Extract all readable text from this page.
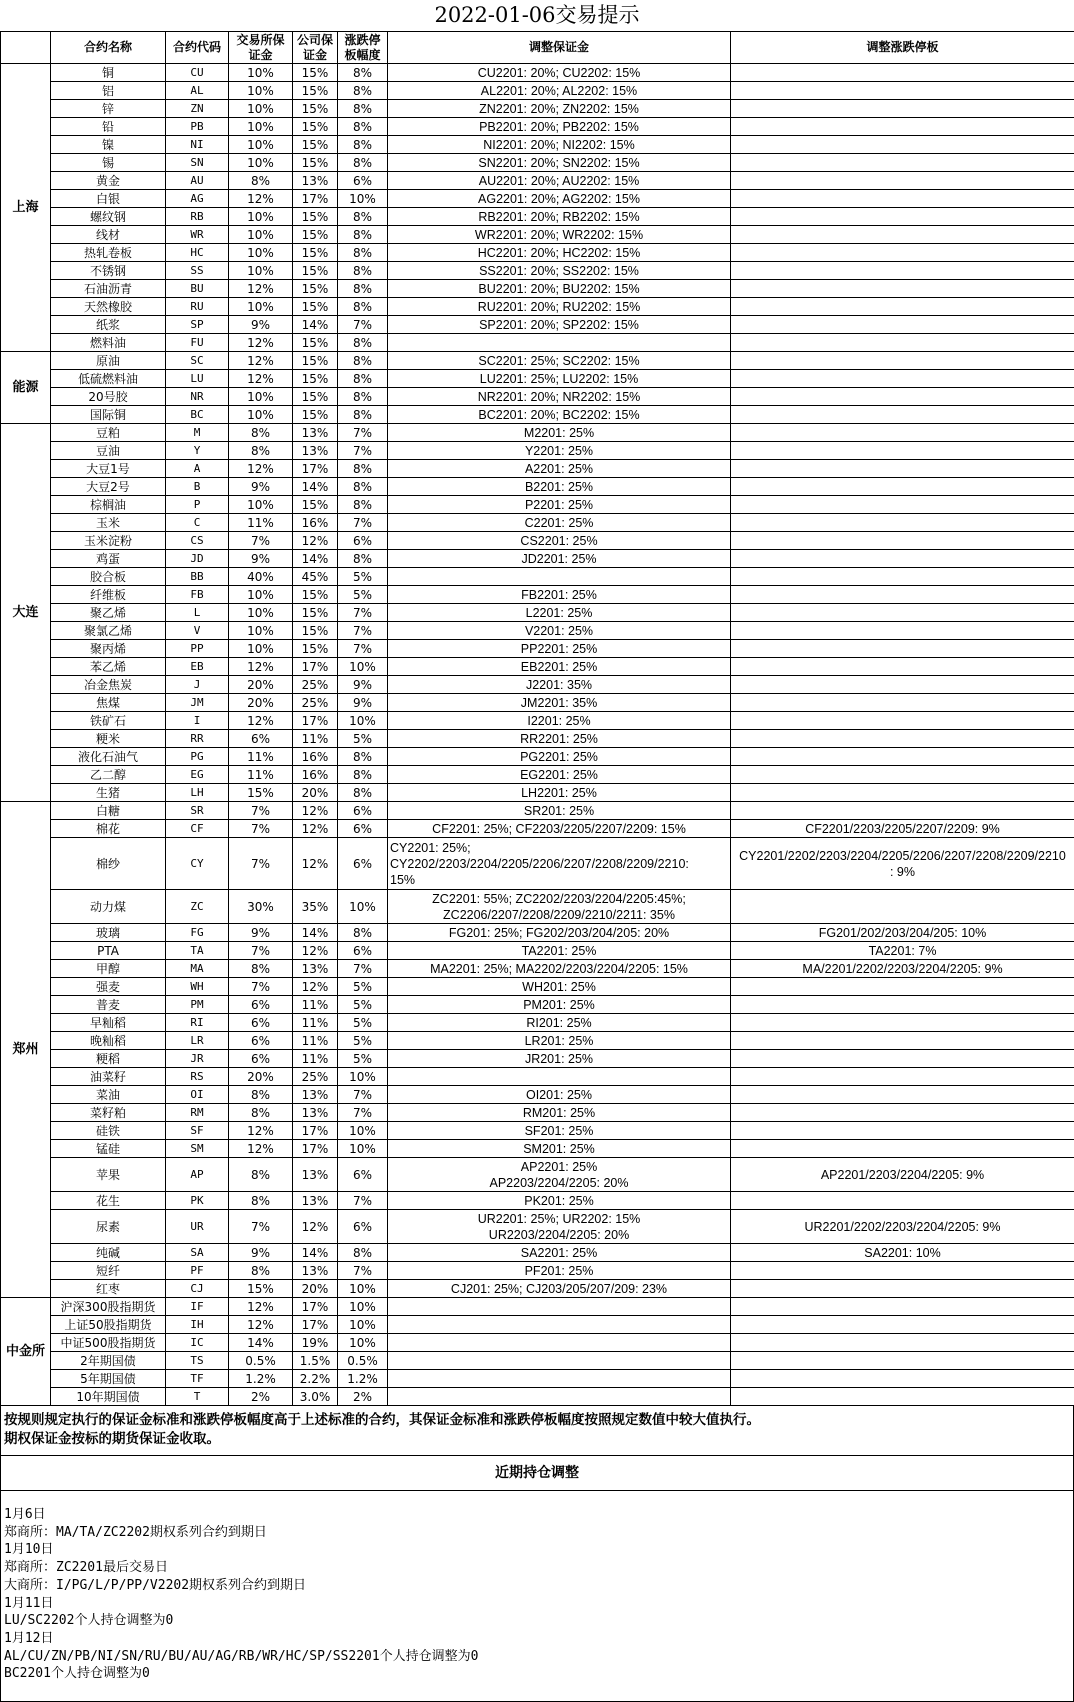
2022-01-06交易提示
	合约名称	合约代码	交易所保证金	公司保证金	涨跌停板幅度	调整保证金	调整涨跌停板
上海	铜	CU	10%	15%	8%	CU2201: 20%; CU2202: 15%	
	铝	AL	10%	15%	8%	AL2201: 20%; AL2202: 15%	
	锌	ZN	10%	15%	8%	ZN2201: 20%; ZN2202: 15%	
	铅	PB	10%	15%	8%	PB2201: 20%; PB2202: 15%	
	镍	NI	10%	15%	8%	NI2201: 20%; NI2202: 15%	
	锡	SN	10%	15%	8%	SN2201: 20%; SN2202: 15%	
	黄金	AU	8%	13%	6%	AU2201: 20%; AU2202: 15%	
	白银	AG	12%	17%	10%	AG2201: 20%; AG2202: 15%	
	螺纹钢	RB	10%	15%	8%	RB2201: 20%; RB2202: 15%	
	线材	WR	10%	15%	8%	WR2201: 20%; WR2202: 15%	
	热轧卷板	HC	10%	15%	8%	HC2201: 20%; HC2202: 15%	
	不锈钢	SS	10%	15%	8%	SS2201: 20%; SS2202: 15%	
	石油沥青	BU	12%	15%	8%	BU2201: 20%; BU2202: 15%	
	天然橡胶	RU	10%	15%	8%	RU2201: 20%; RU2202: 15%	
	纸浆	SP	9%	14%	7%	SP2201: 20%; SP2202: 15%	
	燃料油	FU	12%	15%	8%		
能源	原油	SC	12%	15%	8%	SC2201: 25%; SC2202: 15%	
	低硫燃料油	LU	12%	15%	8%	LU2201: 25%; LU2202: 15%	
	20号胶	NR	10%	15%	8%	NR2201: 20%; NR2202: 15%	
	国际铜	BC	10%	15%	8%	BC2201: 20%; BC2202: 15%	
大连	豆粕	M	8%	13%	7%	M2201: 25%	
	豆油	Y	8%	13%	7%	Y2201: 25%	
	大豆1号	A	12%	17%	8%	A2201: 25%	
	大豆2号	B	9%	14%	8%	B2201: 25%	
	棕榈油	P	10%	15%	8%	P2201: 25%	
	玉米	C	11%	16%	7%	C2201: 25%	
	玉米淀粉	CS	7%	12%	6%	CS2201: 25%	
	鸡蛋	JD	9%	14%	8%	JD2201: 25%	
	胶合板	BB	40%	45%	5%		
	纤维板	FB	10%	15%	5%	FB2201: 25%	
	聚乙烯	L	10%	15%	7%	L2201: 25%	
	聚氯乙烯	V	10%	15%	7%	V2201: 25%	
	聚丙烯	PP	10%	15%	7%	PP2201: 25%	
	苯乙烯	EB	12%	17%	10%	EB2201: 25%	
	冶金焦炭	J	20%	25%	9%	J2201: 35%	
	焦煤	JM	20%	25%	9%	JM2201: 35%	
	铁矿石	I	12%	17%	10%	I2201: 25%	
	粳米	RR	6%	11%	5%	RR2201: 25%	
	液化石油气	PG	11%	16%	8%	PG2201: 25%	
	乙二醇	EG	11%	16%	8%	EG2201: 25%	
	生猪	LH	15%	20%	8%	LH2201: 25%	
郑州	白糖	SR	7%	12%	6%	SR201: 25%	
	棉花	CF	7%	12%	6%	CF2201: 25%; CF2203/2205/2207/2209: 15%	CF2201/2203/2205/2207/2209: 9%
	棉纱	CY	7%	12%	6%	CY2201: 25%;
CY2202/2203/2204/2205/2206/2207/2208/2209/2210:
15%	CY2201/2202/2203/2204/2205/2206/2207/2208/2209/2210
: 9%
	动力煤	ZC	30%	35%	10%	ZC2201: 55%; ZC2202/2203/2204/2205:45%;
ZC2206/2207/2208/2209/2210/2211: 35%	
	玻璃	FG	9%	14%	8%	FG201: 25%; FG202/203/204/205: 20%	FG201/202/203/204/205: 10%
	PTA	TA	7%	12%	6%	TA2201: 25%	TA2201: 7%
	甲醇	MA	8%	13%	7%	MA2201: 25%; MA2202/2203/2204/2205: 15%	MA/2201/2202/2203/2204/2205: 9%
	强麦	WH	7%	12%	5%	WH201: 25%	
	普麦	PM	6%	11%	5%	PM201: 25%	
	早籼稻	RI	6%	11%	5%	RI201: 25%	
	晚籼稻	LR	6%	11%	5%	LR201: 25%	
	粳稻	JR	6%	11%	5%	JR201: 25%	
	油菜籽	RS	20%	25%	10%		
	菜油	OI	8%	13%	7%	OI201: 25%	
	菜籽粕	RM	8%	13%	7%	RM201: 25%	
	硅铁	SF	12%	17%	10%	SF201: 25%	
	锰硅	SM	12%	17%	10%	SM201: 25%	
	苹果	AP	8%	13%	6%	AP2201: 25%
AP2203/2204/2205: 20%	AP2201/2203/2204/2205: 9%
	花生	PK	8%	13%	7%	PK201: 25%	
	尿素	UR	7%	12%	6%	UR2201: 25%; UR2202: 15%
UR2203/2204/2205: 20%	UR2201/2202/2203/2204/2205: 9%
	纯碱	SA	9%	14%	8%	SA2201: 25%	SA2201: 10%
	短纤	PF	8%	13%	7%	PF201: 25%	
	红枣	CJ	15%	20%	10%	CJ201: 25%; CJ203/205/207/209: 23%	
中金所	沪深300股指期货	IF	12%	17%	10%		
	上证50股指期货	IH	12%	17%	10%		
	中证500股指期货	IC	14%	19%	10%		
	2年期国债	TS	0.5%	1.5%	0.5%		
	5年期国债	TF	1.2%	2.2%	1.2%		
	10年期国债	T	2%	3.0%	2%		
按规则规定执行的保证金标准和涨跌停板幅度高于上述标准的合约，其保证金标准和涨跌停板幅度按照规定数值中较大值执行。
期权保证金按标的期货保证金收取。
近期持仓调整
1月6日
郑商所：MA/TA/ZC2202期权系列合约到期日
1月10日
郑商所：ZC2201最后交易日
大商所：I/PG/L/P/PP/V2202期权系列合约到期日
1月11日
LU/SC2202个人持仓调整为0
1月12日
AL/CU/ZN/PB/NI/SN/RU/BU/AU/AG/RB/WR/HC/SP/SS2201个人持仓调整为0
BC2201个人持仓调整为0
